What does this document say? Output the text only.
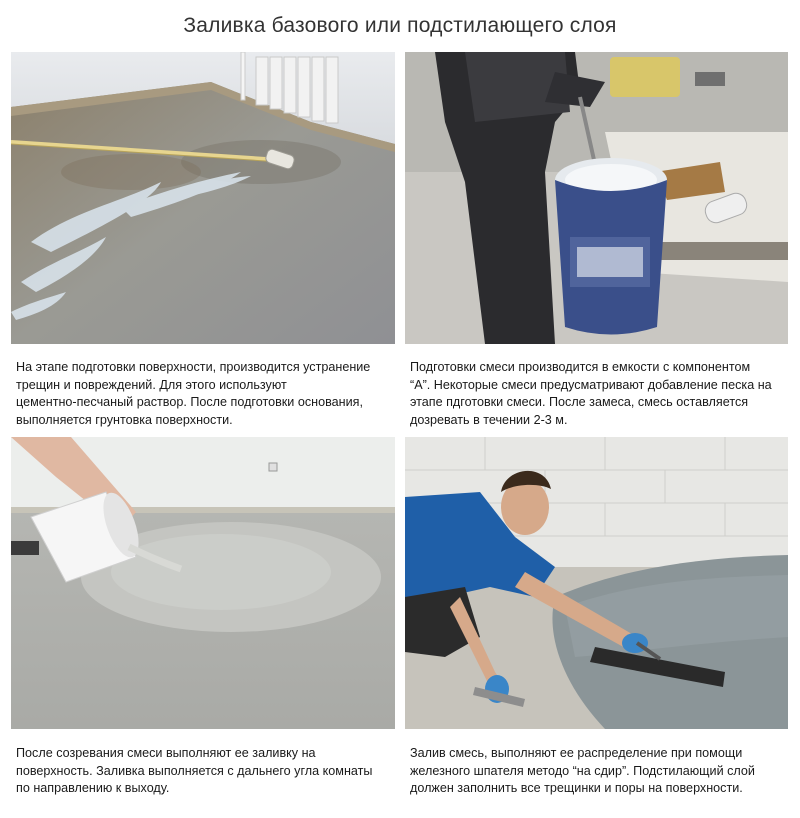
Заливка базового или подстилающего слоя

На этапе подготовки поверхности, производится устранение
трещин и повреждений. Для этого используют
цементно-песчаный раствор. После подготовки основания,
выполняется грунтовка поверхности.

Подготовки смеси производится в емкости с компонентом
“А”. Некоторые смеси предусматривают добавление песка на
этапе пдготовки смеси. После замеса, смесь оставляется
дозревать в течении 2-3 м.

После созревания смеси выполняют ее заливку на
поверхность. Заливка выполняется с дальнего угла комнаты
по направлению к выходу.

Залив смесь, выполняют ее распределение при помощи
железного шпателя методо “на сдир”. Подстилающий слой
должен заполнить все трещинки и поры на поверхности.
